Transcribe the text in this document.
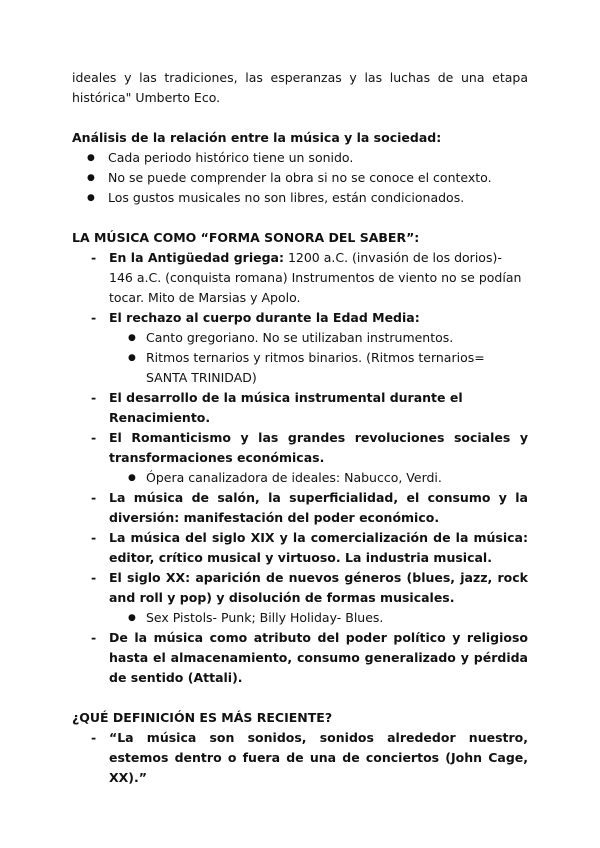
ideales y las tradiciones, las esperanzas y las luchas de una etapa histórica" Umberto Eco.

Análisis de la relación entre la música y la sociedad:

● Cada periodo histórico tiene un sonido.
● No se puede comprender la obra si no se conoce el contexto.
● Los gustos musicales no son libres, están condicionados.

LA MÚSICA COMO “FORMA SONORA DEL SABER”:

- En la Antigüedad griega: 1200 a.C. (invasión de los dorios)- 146 a.C. (conquista romana) Instrumentos de viento no se podían tocar. Mito de Marsias y Apolo.
- El rechazo al cuerpo durante la Edad Media:
● Canto gregoriano. No se utilizaban instrumentos.
● Ritmos ternarios y ritmos binarios. (Ritmos ternarios= SANTA TRINIDAD)
- El desarrollo de la música instrumental durante el Renacimiento.
- El Romanticismo y las grandes revoluciones sociales y transformaciones económicas.
● Ópera canalizadora de ideales: Nabucco, Verdi.
- La música de salón, la superficialidad, el consumo y la diversión: manifestación del poder económico.
- La música del siglo XIX y la comercialización de la música: editor, crítico musical y virtuoso. La industria musical.
- El siglo XX: aparición de nuevos géneros (blues, jazz, rock and roll y pop) y disolución de formas musicales.
● Sex Pistols- Punk; Billy Holiday- Blues.
- De la música como atributo del poder político y religioso hasta el almacenamiento, consumo generalizado y pérdida de sentido (Attali).

¿QUÉ DEFINICIÓN ES MÁS RECIENTE?

- “La música son sonidos, sonidos alrededor nuestro, estemos dentro o fuera de una de conciertos (John Cage, XX).”
